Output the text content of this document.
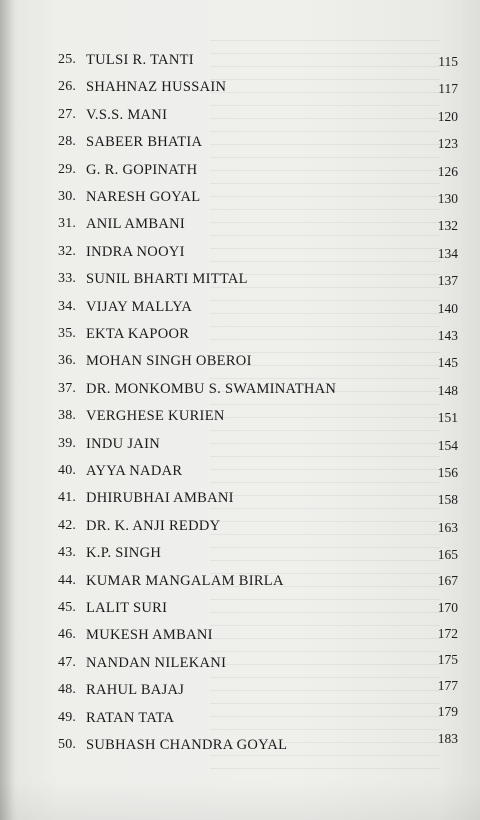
25. TULSI R. TANTI	115
26. SHAHNAZ HUSSAIN	117
27. V.S.S. MANI	120
28. SABEER BHATIA	123
29. G. R. GOPINATH	126
30. NARESH GOYAL	130
31. ANIL AMBANI	132
32. INDRA NOOYI	134
33. SUNIL BHARTI MITTAL	137
34. VIJAY MALLYA	140
35. EKTA KAPOOR	143
36. MOHAN SINGH OBEROI	145
37. DR. MONKOMBU S. SWAMINATHAN	148
38. VERGHESE KURIEN	151
39. INDU JAIN	154
40. AYYA NADAR	156
41. DHIRUBHAI AMBANI	158
42. DR. K. ANJI REDDY	163
43. K.P. SINGH	165
44. KUMAR MANGALAM BIRLA	167
45. LALIT SURI	170
46. MUKESH AMBANI	172
47. NANDAN NILEKANI	175
48. RAHUL BAJAJ	177
49. RATAN TATA	179
50. SUBHASH CHANDRA GOYAL	183
